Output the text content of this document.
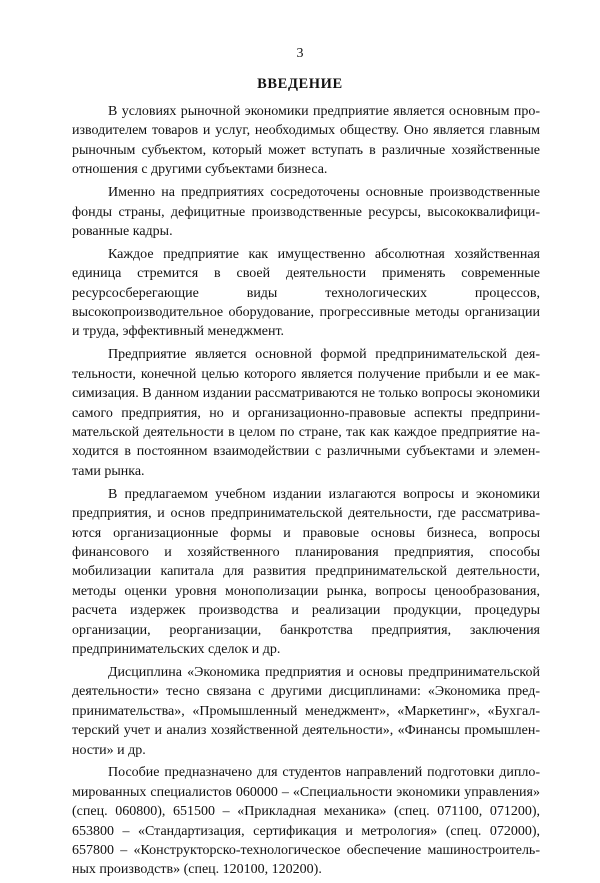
3
ВВЕДЕНИЕ

В условиях рыночной экономики предприятие является основным производителем товаров и услуг, необходимых обществу. Оно является главным рыночным субъектом, который может вступать в различные хозяйственные отношения с другими субъектами бизнеса.

Именно на предприятиях сосредоточены основные производственные фонды страны, дефицитные производственные ресурсы, высококвалифицированные кадры.

Каждое предприятие как имущественно абсолютная хозяйственная единица стремится в своей деятельности применять современные ресурсосберегающие виды технологических процессов, высокопроизводительное оборудование, прогрессивные методы организации и труда, эффективный менеджмент.

Предприятие является основной формой предпринимательской деятельности, конечной целью которого является получение прибыли и ее максимизация. В данном издании рассматриваются не только вопросы экономики самого предприятия, но и организационно-правовые аспекты предпринимательской деятельности в целом по стране, так как каждое предприятие находится в постоянном взаимодействии с различными субъектами и элементами рынка.

В предлагаемом учебном издании излагаются вопросы и экономики предприятия, и основ предпринимательской деятельности, где рассматриваются организационные формы и правовые основы бизнеса, вопросы финансового и хозяйственного планирования предприятия, способы мобилизации капитала для развития предпринимательской деятельности, методы оценки уровня монополизации рынка, вопросы ценообразования, расчета издержек производства и реализации продукции, процедуры организации, реорганизации, банкротства предприятия, заключения предпринимательских сделок и др.

Дисциплина «Экономика предприятия и основы предпринимательской деятельности» тесно связана с другими дисциплинами: «Экономика предпринимательства», «Промышленный менеджмент», «Маркетинг», «Бухгалтерский учет и анализ хозяйственной деятельности», «Финансы промышленности» и др.

Пособие предназначено для студентов направлений подготовки дипломированных специалистов 060000 – «Специальности экономики управления» (спец. 060800), 651500 – «Прикладная механика» (спец. 071100, 071200), 653800 – «Стандартизация, сертификация и метрология» (спец. 072000), 657800 – «Конструкторско-технологическое обеспечение машиностроительных производств» (спец. 120100, 120200).
